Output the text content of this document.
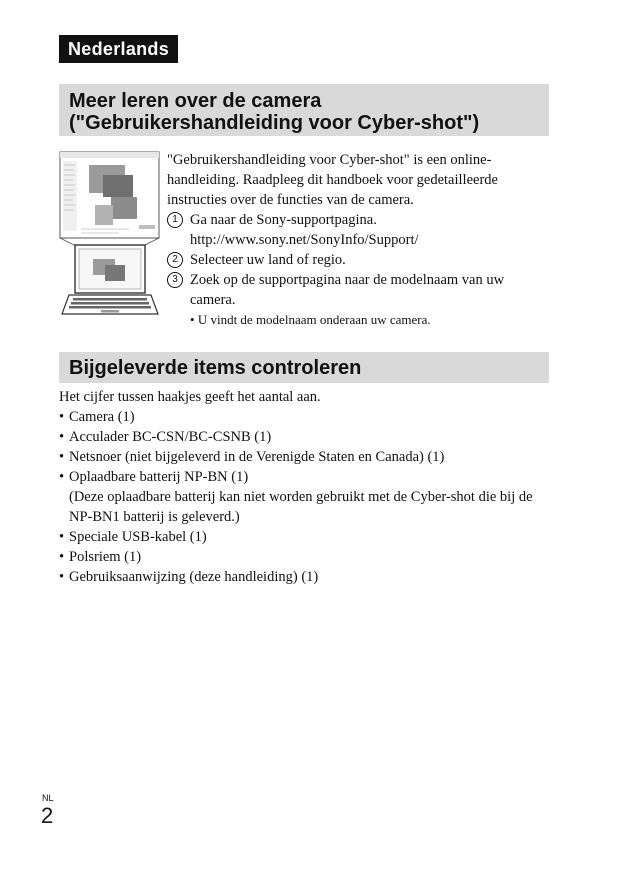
Nederlands
Meer leren over de camera
("Gebruikershandleiding voor Cyber-shot")

"Gebruikershandleiding voor Cyber-shot" is een online-handleiding. Raadpleeg dit handboek voor gedetailleerde instructies over de functies van de camera.

1 Ga naar de Sony-supportpagina.
http://www.sony.net/SonyInfo/Support/
2 Selecteer uw land of regio.
3 Zoek op de supportpagina naar de modelnaam van uw camera.
• U vindt de modelnaam onderaan uw camera.
Bijgeleverde items controleren

Het cijfer tussen haakjes geeft het aantal aan.

• Camera (1)
• Acculader BC-CSN/BC-CSNB (1)
• Netsnoer (niet bijgeleverd in de Verenigde Staten en Canada) (1)
• Oplaadbare batterij NP-BN (1)
(Deze oplaadbare batterij kan niet worden gebruikt met de Cyber-shot die bij de NP-BN1 batterij is geleverd.)
• Speciale USB-kabel (1)
• Polsriem (1)
• Gebruiksaanwijzing (deze handleiding) (1)
NL
2
